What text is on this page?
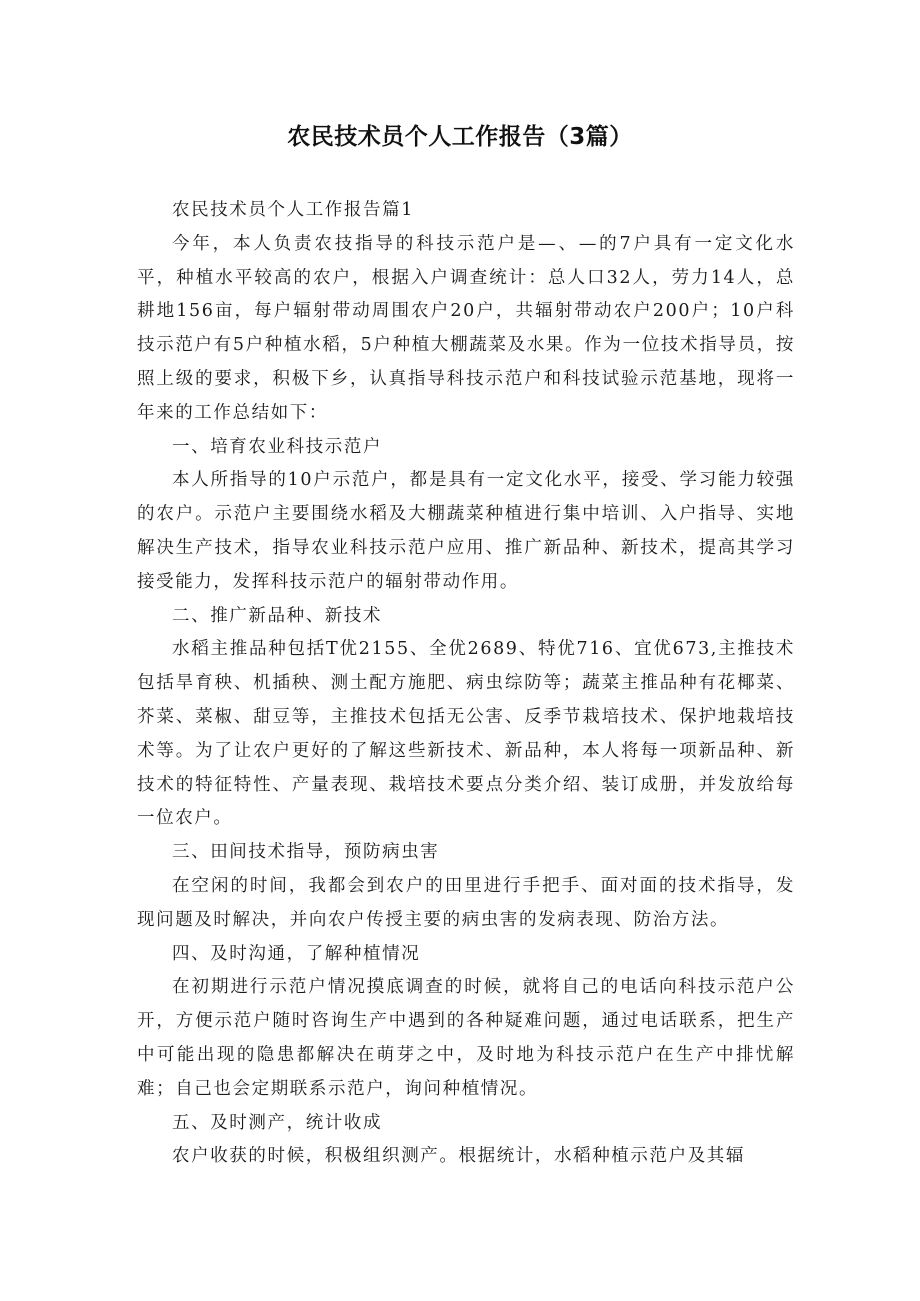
农民技术员个人工作报告（3篇）

农民技术员个人工作报告篇1

今年，本人负责农技指导的科技示范户是—、—的7户具有一定文化水平，种植水平较高的农户，根据入户调查统计：总人口32人，劳力14人，总耕地156亩，每户辐射带动周围农户20户，共辐射带动农户200户；10户科技示范户有5户种植水稻，5户种植大棚蔬菜及水果。作为一位技术指导员，按照上级的要求，积极下乡，认真指导科技示范户和科技试验示范基地，现将一年来的工作总结如下：

一、培育农业科技示范户

本人所指导的10户示范户，都是具有一定文化水平，接受、学习能力较强的农户。示范户主要围绕水稻及大棚蔬菜种植进行集中培训、入户指导、实地解决生产技术，指导农业科技示范户应用、推广新品种、新技术，提高其学习接受能力，发挥科技示范户的辐射带动作用。

二、推广新品种、新技术

水稻主推品种包括T优2155、全优2689、特优716、宜优673,主推技术包括旱育秧、机插秧、测土配方施肥、病虫综防等；蔬菜主推品种有花椰菜、芥菜、菜椒、甜豆等，主推技术包括无公害、反季节栽培技术、保护地栽培技术等。为了让农户更好的了解这些新技术、新品种，本人将每一项新品种、新技术的特征特性、产量表现、栽培技术要点分类介绍、装订成册，并发放给每一位农户。

三、田间技术指导，预防病虫害

在空闲的时间，我都会到农户的田里进行手把手、面对面的技术指导，发现问题及时解决，并向农户传授主要的病虫害的发病表现、防治方法。

四、及时沟通，了解种植情况

在初期进行示范户情况摸底调查的时候，就将自己的电话向科技示范户公开，方便示范户随时咨询生产中遇到的各种疑难问题，通过电话联系，把生产中可能出现的隐患都解决在萌芽之中，及时地为科技示范户在生产中排忧解难；自己也会定期联系示范户，询问种植情况。

五、及时测产，统计收成

农户收获的时候，积极组织测产。根据统计，水稻种植示范户及其辐
